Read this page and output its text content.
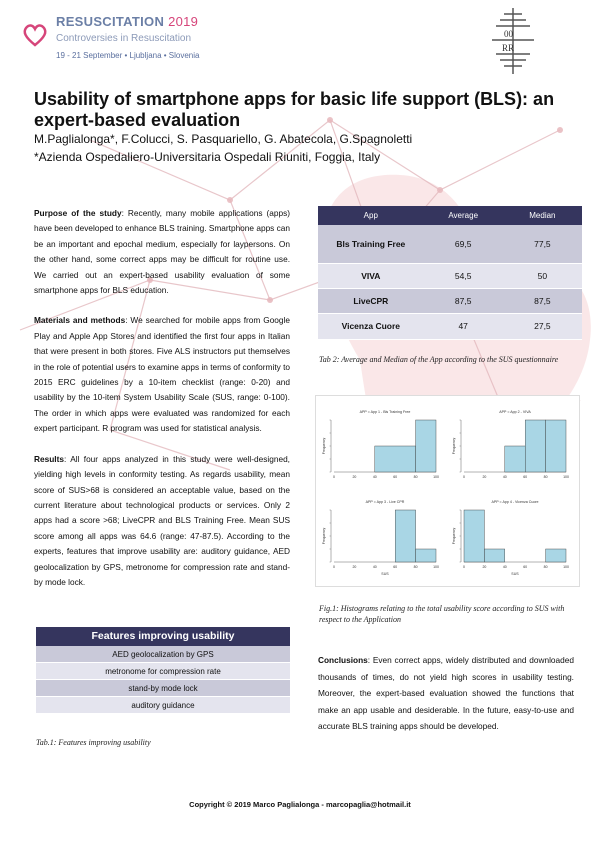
RESUSCITATION 2019
Controversies in Resuscitation
19 - 21 September • Ljubljana • Slovenia
00
RR
Usability of smartphone apps for basic life support (BLS): an expert-based evaluation
M.Paglialonga*, F.Colucci, S. Pasquariello, G. Abatecola, G.Spagnoletti
*Azienda Ospedaliero-Universitaria Ospedali Riuniti, Foggia, Italy

Purpose of the study: Recently, many mobile applications (apps) have been developed to enhance BLS training. Smartphone apps can be an important and epochal medium, especially for laypersons. On the other hand, some correct apps may be difficult for routine use. We carried out an expert-based usability evaluation of some smartphone apps for BLS education.

Materials and methods: We searched for mobile apps from Google Play and Apple App Stores and identified the first four apps in Italian that were present in both stores. Five ALS instructors put themselves in the role of potential users to examine apps in terms of conformity to 2015 ERC guidelines by a 10-item checklist (range: 0-20) and usability by the 10-item System Usability Scale (SUS, range: 0-100). The order in which apps were evaluated was randomized for each expert participant. R program was used for statistical analysis.

Results: All four apps analyzed in this study were well-designed, yielding high levels in conformity testing. As regards usability, mean score of SUS>68 is considered an acceptable value, based on the current literature about technological products or services. Only 2 apps had a score >68; LiveCPR and BLS Training Free. Mean SUS score among all apps was 64.6 (range: 47-87.5). According to the experts, features that improve usability are: auditory guidance, AED geolocalization by GPS, metronome for compression rate and stand-by mode lock.

Features improving usability
AED geolocalization by GPS
metronome for compression rate
stand-by mode lock
auditory guidance
Tab.1: Features improving usability
App	Average	Median
Bls Training Free	69,5	77,5
VIVA	54,5	50
LiveCPR	87,5	87,5
Vicenza Cuore	47	27,5
Tab 2: Average and Median of the App according to the SUS questionnaire
APP = App 1 - Bls Training Free
0	20	40	60	80	100
Frequency
APP = App 2 - VIVA
0	20	40	60	80	100
Frequency
APP = App 3 - Live CPR
0	20	40	60	80	100
Frequency
SUS
APP = App 4 - Vicenza Cuore
0	20	40	60	80	100
Frequency
SUS
Fig.1: Histograms relating to the total usability score according to SUS with respect to the Application
Conclusions: Even correct apps, widely distributed and downloaded thousands of times, do not yield high scores in usability testing. Moreover, the expert-based evaluation showed the functions that make an app usable and desiderable. In the future, easy-to-use and accurate BLS training apps should be developed.
Copyright © 2019 Marco Paglialonga - marcopaglia@hotmail.it
